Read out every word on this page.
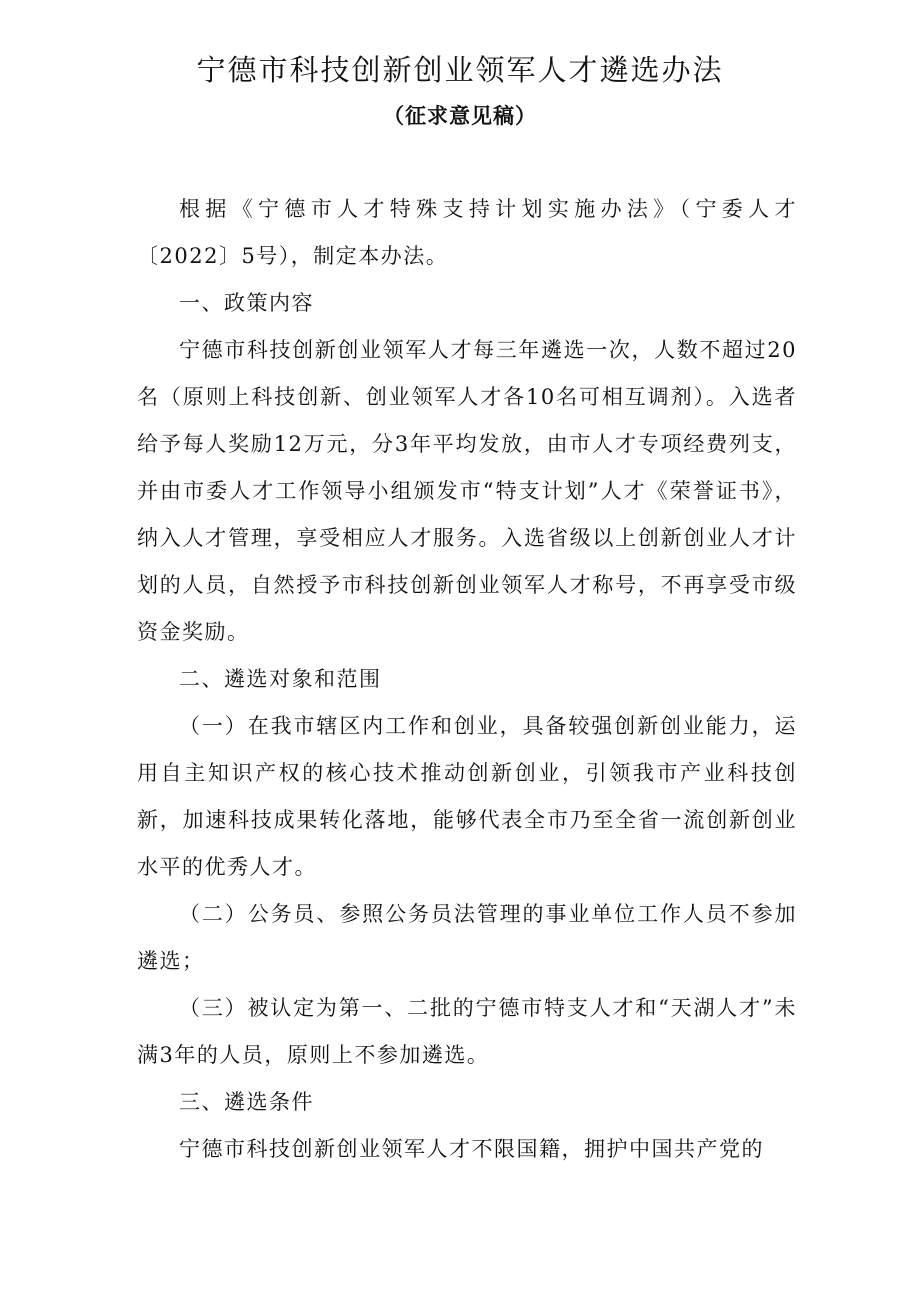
宁德市科技创新创业领军人才遴选办法
（征求意见稿）

根据《宁德市人才特殊支持计划实施办法》（宁委人才〔2022〕5号），制定本办法。

一、政策内容

宁德市科技创新创业领军人才每三年遴选一次，人数不超过20名（原则上科技创新、创业领军人才各10名可相互调剂）。入选者给予每人奖励12万元，分3年平均发放，由市人才专项经费列支，并由市委人才工作领导小组颁发市“特支计划”人才《荣誉证书》，纳入人才管理，享受相应人才服务。入选省级以上创新创业人才计划的人员，自然授予市科技创新创业领军人才称号，不再享受市级资金奖励。

二、遴选对象和范围

（一）在我市辖区内工作和创业，具备较强创新创业能力，运用自主知识产权的核心技术推动创新创业，引领我市产业科技创新，加速科技成果转化落地，能够代表全市乃至全省一流创新创业水平的优秀人才。

（二）公务员、参照公务员法管理的事业单位工作人员不参加遴选；

（三）被认定为第一、二批的宁德市特支人才和“天湖人才”未满3年的人员，原则上不参加遴选。

三、遴选条件

宁德市科技创新创业领军人才不限国籍，拥护中国共产党的
